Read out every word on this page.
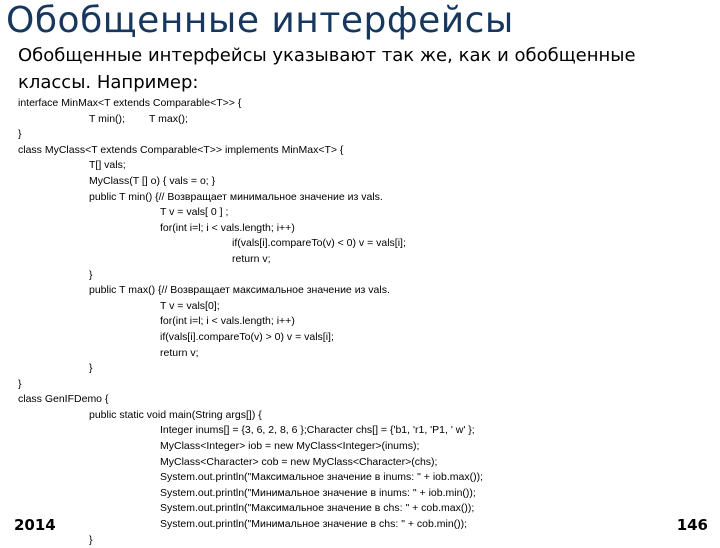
Обобщенные интерфейсы
Обобщенные интерфейсы указывают так же, как и обобщенные
классы. Например:
interface MinMax<T extends Comparable<T>> {
T min(); T max();
}
class MyClass<T extends Comparable<T>> implements MinMax<T> {
T[] vals;
MyClass(T [] o) { vals = o; }
public T min() {// Возвращает минимальное значение из vals.
T v = vals[ 0 ] ;
for(int i=l; i < vals.length; i++)
if(vals[i].compareTo(v) < 0) v = vals[i];
return v;
}
public T max() {// Возвращает максимальное значение из vals.
T v = vals[0];
for(int i=l; i < vals.length; i++)
if(vals[i].compareTo(v) > 0) v = vals[i];
return v;
}
}
class GenIFDemo {
public static void main(String args[]) {
Integer inums[] = {3, 6, 2, 8, 6 };Character chs[] = {'b1, 'r1, 'P1, ' w' };
MyClass<Integer> iob = new MyClass<Integer>(inums);
MyClass<Character> cob = new MyClass<Character>(chs);
System.out.println("Максимальное значение в inums: " + iob.max());
System.out.println("Минимальное значение в inums: " + iob.min());
System.out.println("Максимальное значение в chs: " + cob.max());
System.out.println("Минимальное значение в chs: " + cob.min());
}
2014	146
